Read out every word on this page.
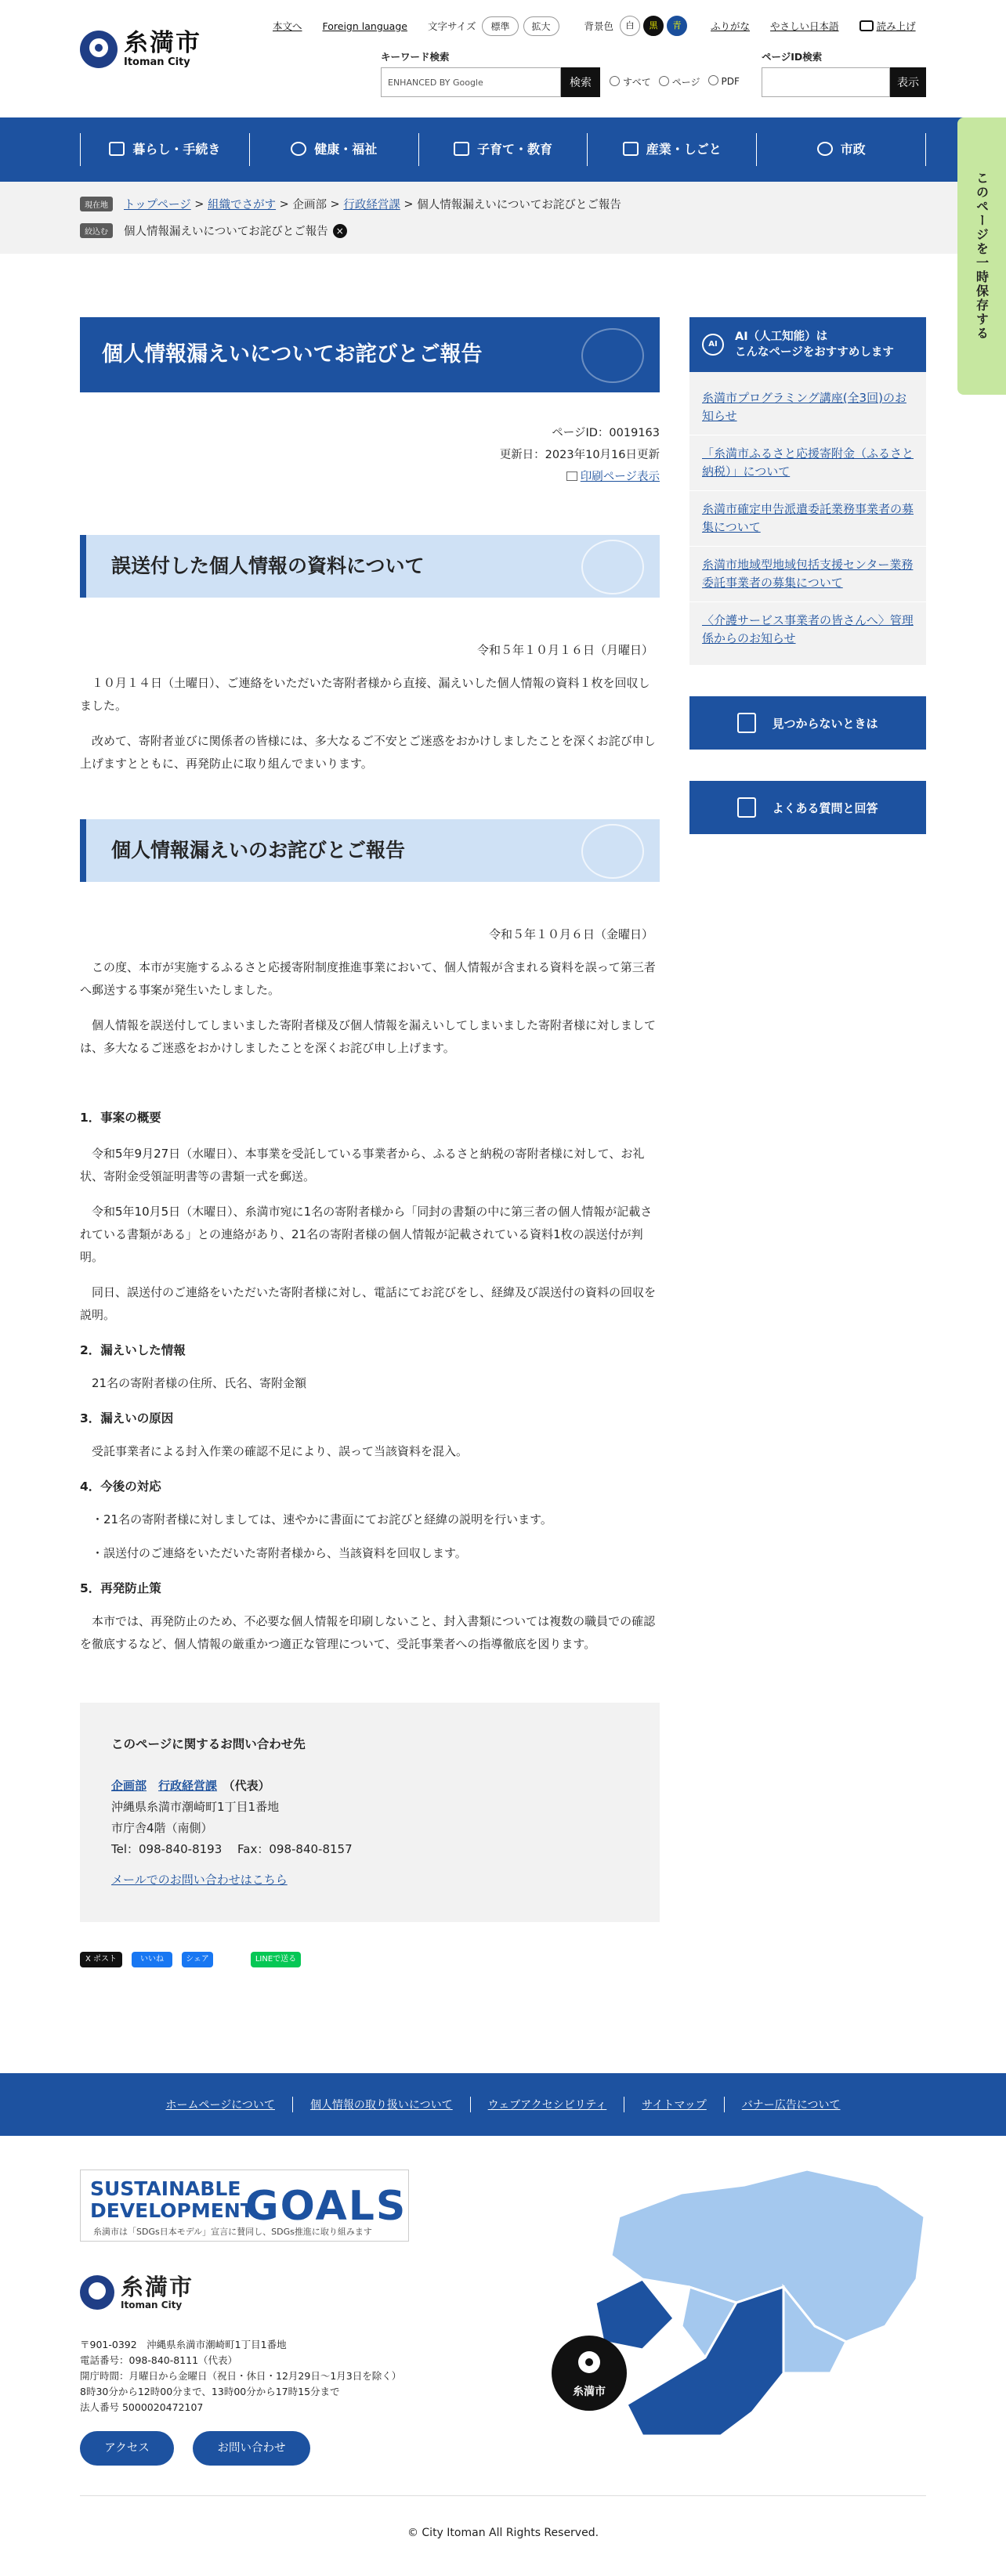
糸満市
Itoman City
本文へ Foreign language 文字サイズ	標準	拡大	背景色	白	黒	青	ふりがな やさしい日本語	読み上げ
キーワード検索
ENHANCED BY Google	検索	すべて	ページ	PDF
ページID検索
表示
暮らし・手続き	健康・福祉	子育て・教育	産業・しごと	市政
現在地	トップページ > 組織でさがす > 企画部 > 行政経営課 > 個人情報漏えいについてお詫びとご報告
絞込む	個人情報漏えいについてお詫びとご報告 ×	このページを一時保存する
個人情報漏えいについてお詫びとご報告
ページID：0019163
更新日：2023年10月16日更新
印刷ページ表示
誤送付した個人情報の資料について

令和５年１０月１６日（月曜日）

１０月１４日（土曜日）、ご連絡をいただいた寄附者様から直接、漏えいした個人情報の資料１枚を回収しました。

改めて、寄附者並びに関係者の皆様には、多大なるご不安とご迷惑をおかけしましたことを深くお詫び申し上げますとともに、再発防止に取り組んでまいります。

個人情報漏えいのお詫びとご報告

令和５年１０月６日（金曜日）

この度、本市が実施するふるさと応援寄附制度推進事業において、個人情報が含まれる資料を誤って第三者へ郵送する事案が発生いたしました。

個人情報を誤送付してしまいました寄附者様及び個人情報を漏えいしてしまいました寄附者様に対しましては、多大なるご迷惑をおかけしましたことを深くお詫び申し上げます。

1．事案の概要

令和5年9月27日（水曜日）、本事業を受託している事業者から、ふるさと納税の寄附者様に対して、お礼状、寄附金受領証明書等の書類一式を郵送。

令和5年10月5日（木曜日）、糸満市宛に1名の寄附者様から「同封の書類の中に第三者の個人情報が記載されている書類がある」との連絡があり、21名の寄附者様の個人情報が記載されている資料1枚の誤送付が判明。

同日、誤送付のご連絡をいただいた寄附者様に対し、電話にてお詫びをし、経緯及び誤送付の資料の回収を説明。

2．漏えいした情報

21名の寄附者様の住所、氏名、寄附金額

3．漏えいの原因

受託事業者による封入作業の確認不足により、誤って当該資料を混入。

4．今後の対応

・21名の寄附者様に対しましては、速やかに書面にてお詫びと経緯の説明を行います。

・誤送付のご連絡をいただいた寄附者様から、当該資料を回収します。

5．再発防止策

本市では、再発防止のため、不必要な個人情報を印刷しないこと、封入書類については複数の職員での確認を徹底するなど、個人情報の厳重かつ適正な管理について、受託事業者への指導徹底を図ります。

このページに関するお問い合わせ先
企画部　 行政経営課　 （代表）
沖縄県糸満市潮崎町1丁目1番地
市庁舎4階（南側）
Tel：098-840-8193　 Fax：098-840-8157
メールでのお問い合わせはこちら
X ポスト	いいね	シェア	LINEで送る
AI
AI（人工知能）は
こんなページをおすすめします
糸満市プログラミング講座(全3回)のお知らせ
「糸満市ふるさと応援寄附金（ふるさと納税）」について
糸満市確定申告派遣委託業務事業者の募集について
糸満市地域型地域包括支援センター業務委託事業者の募集について
〈介護サービス事業者の皆さんへ〉管理係からのお知らせ
見つからないときは
よくある質問と回答
ホームページについて	個人情報の取り扱いについて	ウェブアクセシビリティ	サイトマップ	バナー広告について
SUSTAINABLE
DEVELOPMENT
GOALS
糸満市は「SDGs日本モデル」宣言に賛同し、SDGs推進に取り組みます
糸満市
Itoman City
〒901-0392　沖縄県糸満市潮崎町1丁目1番地
電話番号：098-840-8111（代表）
開庁時間：月曜日から金曜日（祝日・休日・12月29日〜1月3日を除く）
8時30分から12時00分まで、13時00分から17時15分まで
法人番号 5000020472107
アクセス	お問い合わせ
糸満市
© City Itoman All Rights Reserved.
